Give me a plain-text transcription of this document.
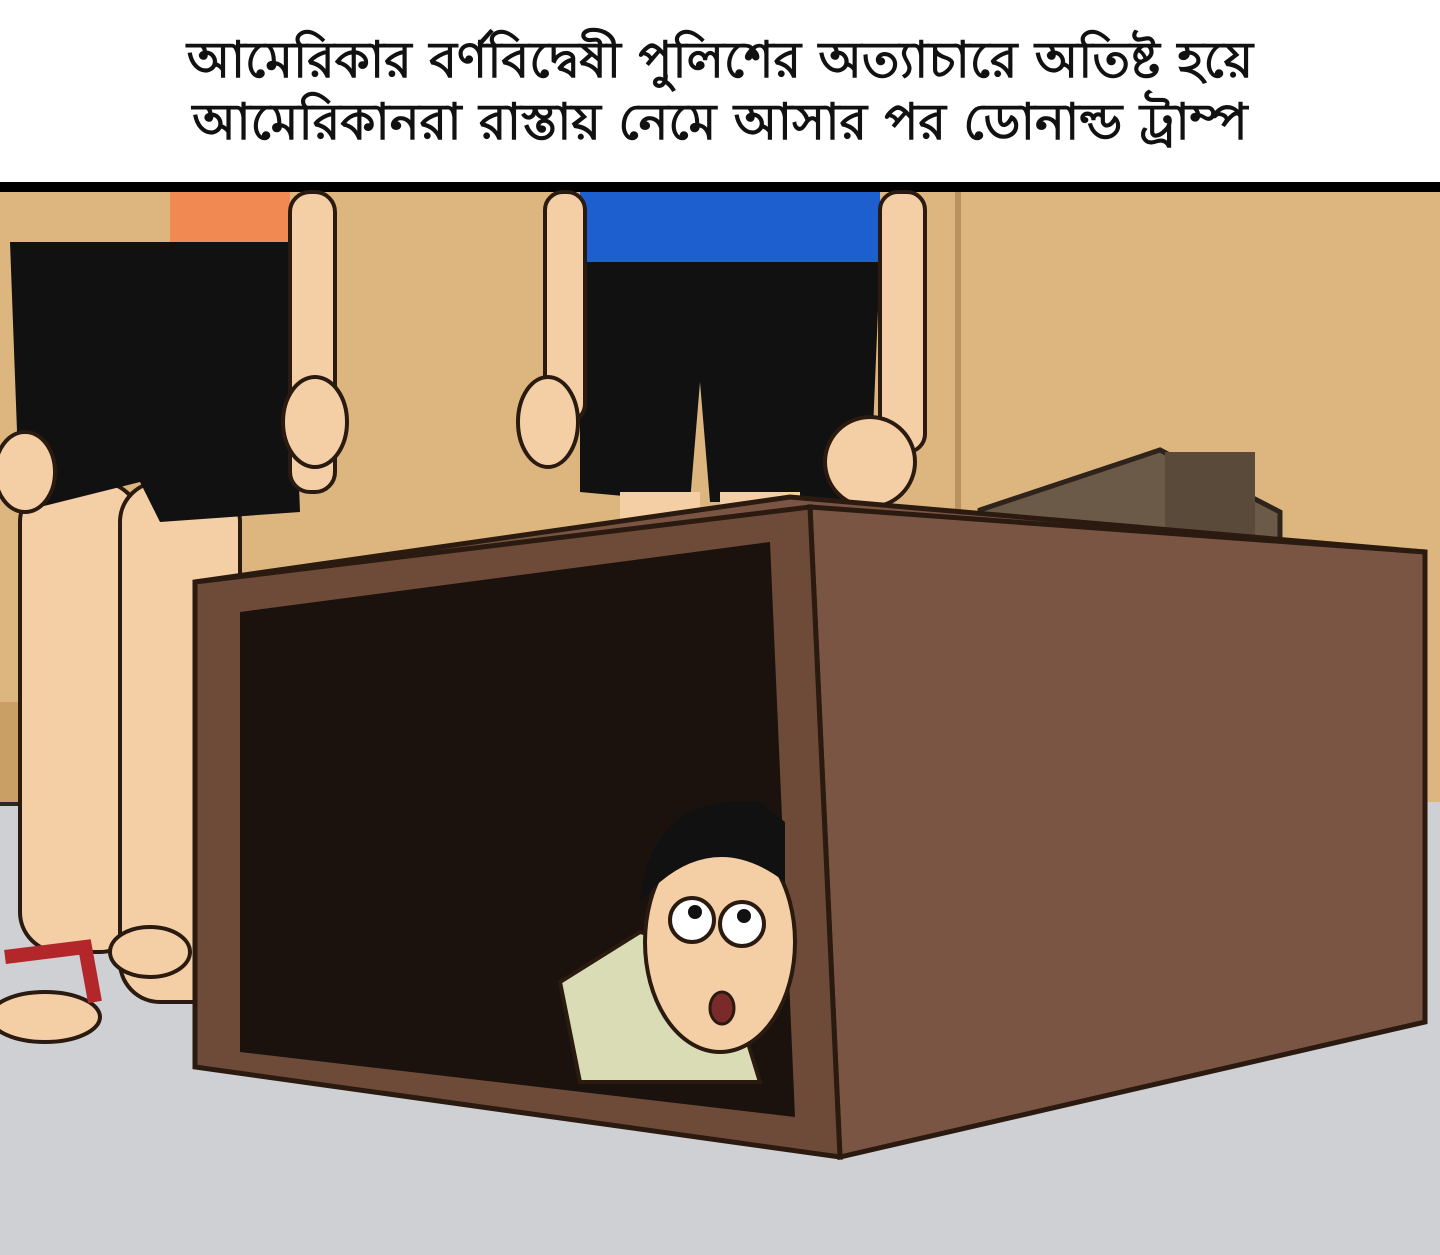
আমেরিকার বর্ণবিদ্বেষী পুলিশের অত্যাচারে অতিষ্ট হয়ে
আমেরিকানরা রাস্তায় নেমে আসার পর ডোনাল্ড ট্রাম্প
